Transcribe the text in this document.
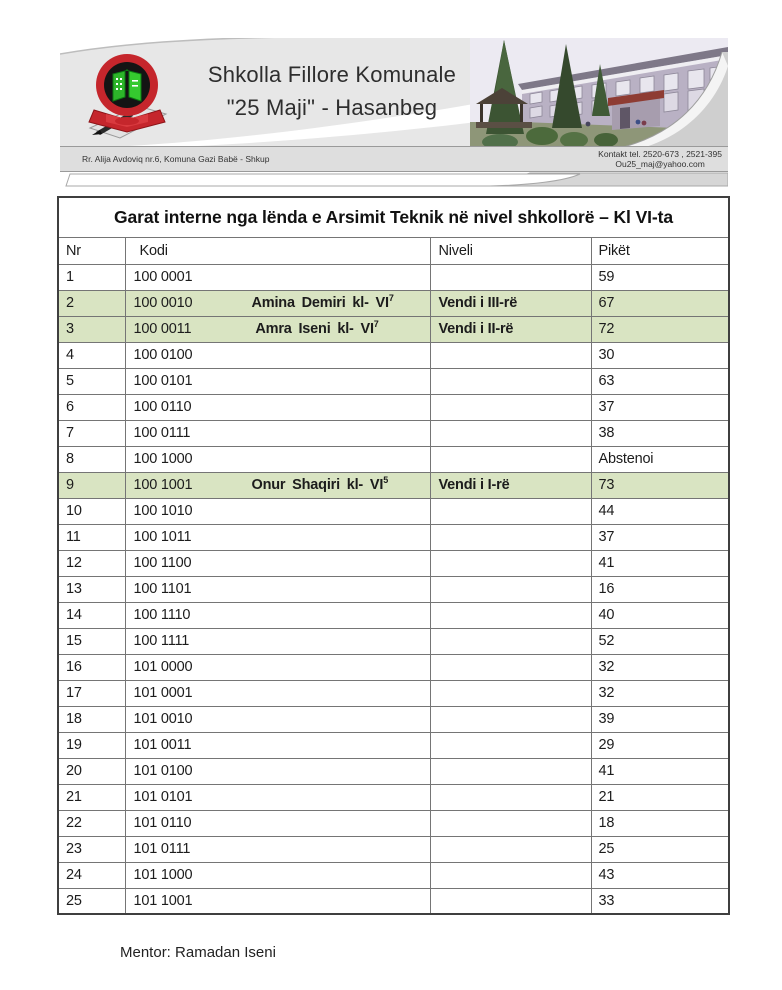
Shkolla Fillore Komunale
"25 Maji" - Hasanbeg
Rr. Alija Avdoviq nr.6, Komuna Gazi Babë - Shkup	Kontakt tel. 2520-673 , 2521-395
Ou25_maj@yahoo.com
Garat interne nga lënda e Arsimit Teknik në nivel shkollorë – Kl VI-ta			
Nr	Kodi	Niveli	Pikët
1	100 0001		59
2	100 0010 Amina Demiri kl- $VI^7$	Vendi i III-rë	67
3	100 0011 Amra Iseni kl- $VI^7$	Vendi i II-rë	72
4	100 0100		30
5	100 0101		63
6	100 0110		37
7	100 0111		38
8	100 1000		Abstenoi
9	100 1001 Onur Shaqiri kl- $VI^5$	Vendi i I-rë	73
10	100 1010		44
11	100 1011		37
12	100 1100		41
13	100 1101		16
14	100 1110		40
15	100 1111		52
16	101 0000		32
17	101 0001		32
18	101 0010		39
19	101 0011		29
20	101 0100		41
21	101 0101		21
22	101 0110		18
23	101 0111		25
24	101 1000		43
25	101 1001		33
Mentor: Ramadan Iseni
